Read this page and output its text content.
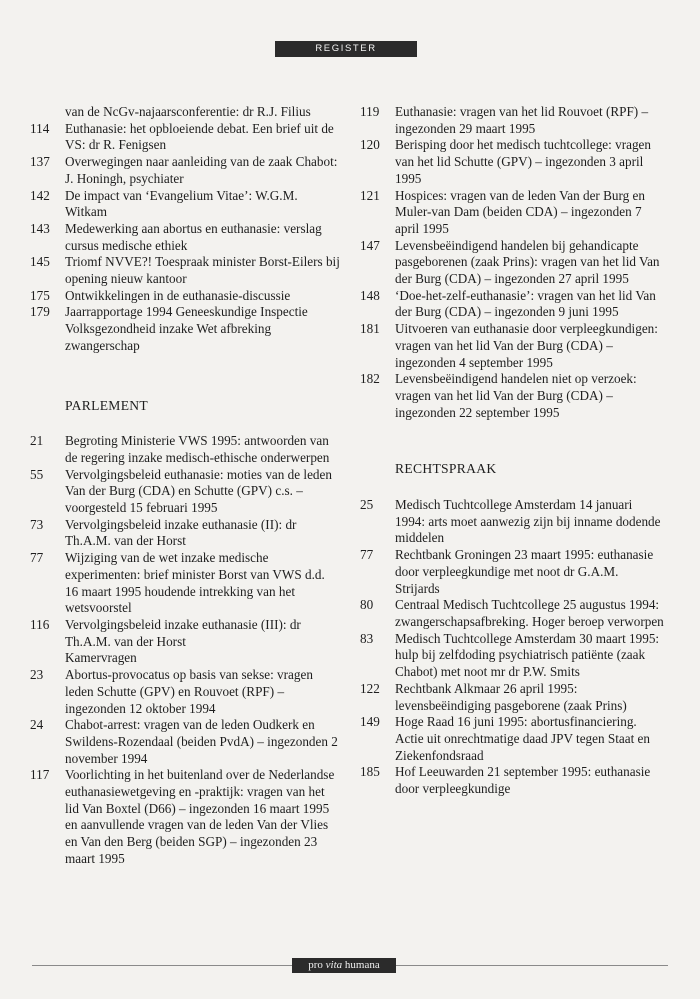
REGISTER
van de NcGv-najaarsconferentie: dr R.J. Filius
114	Euthanasie: het opbloeiende debat. Een brief uit de VS: dr R. Fenigsen
137	Overwegingen naar aanleiding van de zaak Chabot:
J. Honingh, psychiater
142	De impact van ‘Evangelium Vitae’: W.G.M. Witkam
143	Medewerking aan abortus en euthanasie: verslag cursus medische ethiek
145	Triomf NVVE?! Toespraak minister Borst-Eilers bij opening nieuw kantoor
175	Ontwikkelingen in de euthanasie-discussie
179	Jaarrapportage 1994 Geneeskundige Inspectie Volksgezondheid inzake Wet afbreking zwangerschap
PARLEMENT
21	Begroting Ministerie VWS 1995: antwoorden van de regering inzake medisch-ethische onderwerpen
55	Vervolgingsbeleid euthanasie: moties van de leden Van der Burg (CDA) en Schutte (GPV) c.s. – voorgesteld 15 februari 1995
73	Vervolgingsbeleid inzake euthanasie (II): dr Th.A.M. van der Horst
77	Wijziging van de wet inzake medische experimenten: brief minister Borst van VWS d.d. 16 maart 1995 houdende intrekking van het wetsvoorstel
116	Vervolgingsbeleid inzake euthanasie (III): dr Th.A.M. van der Horst
Kamervragen
23	Abortus-provocatus op basis van sekse: vragen leden Schutte (GPV) en Rouvoet (RPF) – ingezonden 12 oktober 1994
24	Chabot-arrest: vragen van de leden Oudkerk en Swildens-Rozendaal (beiden PvdA) – ingezonden 2 november 1994
117	Voorlichting in het buitenland over de Nederlandse euthanasiewetgeving en -praktijk: vragen van het lid Van Boxtel (D66) – ingezonden 16 maart 1995 en aanvullende vragen van de leden Van der Vlies en Van den Berg (beiden SGP) – ingezonden 23 maart 1995
119	Euthanasie: vragen van het lid Rouvoet (RPF) – ingezonden 29 maart 1995
120	Berisping door het medisch tuchtcollege: vragen van het lid Schutte (GPV) – ingezonden 3 april 1995
121	Hospices: vragen van de leden Van der Burg en Muler-van Dam (beiden CDA) – ingezonden 7 april 1995
147	Levensbeëindigend handelen bij gehandicapte pasgeborenen (zaak Prins): vragen van het lid Van der Burg (CDA) – ingezonden 27 april 1995
148	‘Doe-het-zelf-euthanasie’: vragen van het lid Van der Burg (CDA) – ingezonden 9 juni 1995
181	Uitvoeren van euthanasie door verpleegkundigen: vragen van het lid Van der Burg (CDA) – ingezonden 4 september 1995
182	Levensbeëindigend handelen niet op verzoek: vragen van het lid Van der Burg (CDA) – ingezonden 22 september 1995
RECHTSPRAAK
25	Medisch Tuchtcollege Amsterdam 14 januari 1994: arts moet aanwezig zijn bij inname dodende middelen
77	Rechtbank Groningen 23 maart 1995: euthanasie door verpleegkundige met noot dr G.A.M. Strijards
80	Centraal Medisch Tuchtcollege 25 augustus 1994: zwangerschapsafbreking. Hoger beroep verworpen
83	Medisch Tuchtcollege Amsterdam 30 maart 1995: hulp bij zelfdoding psychiatrisch patiënte (zaak Chabot) met noot mr dr P.W. Smits
122	Rechtbank Alkmaar 26 april 1995: levensbeëindiging pasgeborene (zaak Prins)
149	Hoge Raad 16 juni 1995: abortusfinanciering. Actie uit onrechtmatige daad JPV tegen Staat en Ziekenfondsraad
185	Hof Leeuwarden 21 september 1995: euthanasie door verpleegkundige
pro vita humana
